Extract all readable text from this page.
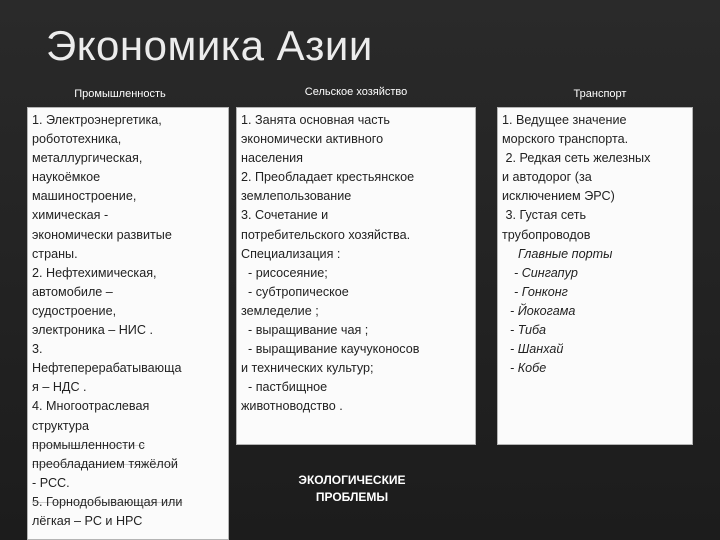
Экономика Азии
Промышленность	Сельское хозяйство	Транспорт
1. Электроэнергетика,
робототехника,
металлургическая,
наукоёмкое
машиностроение,
химическая -
экономически развитые
страны.
2. Нефтехимическая,
автомобиле –
судостроение,
электроника – НИС .
3.
Нефтеперерабатывающа
я – НДС .
4. Многоотраслевая
структура
промышленности с
преобладанием тяжёлой
- РСС.
5. Горнодобывающая или
лёгкая – РС и НРС
1. Занята основная часть
экономически активного
населения
2. Преобладает крестьянское
землепользование
3. Сочетание и
потребительского хозяйства.
Специализация :
- рисосеяние;
- субтропическое
земледелие ;
- выращивание чая ;
- выращивание каучуконосов
и технических культур;
- пастбищное
животноводство .
1. Ведущее значение
морского транспорта.
2. Редкая сеть железных
и автодорог (за
исключением ЭРС)
3. Густая сеть
трубопроводов
Главные порты
- Сингапур
- Гонконг
- Йокогама
- Тиба
- Шанхай
- Кобе
ЭКОЛОГИЧЕСКИЕ
ПРОБЛЕМЫ
